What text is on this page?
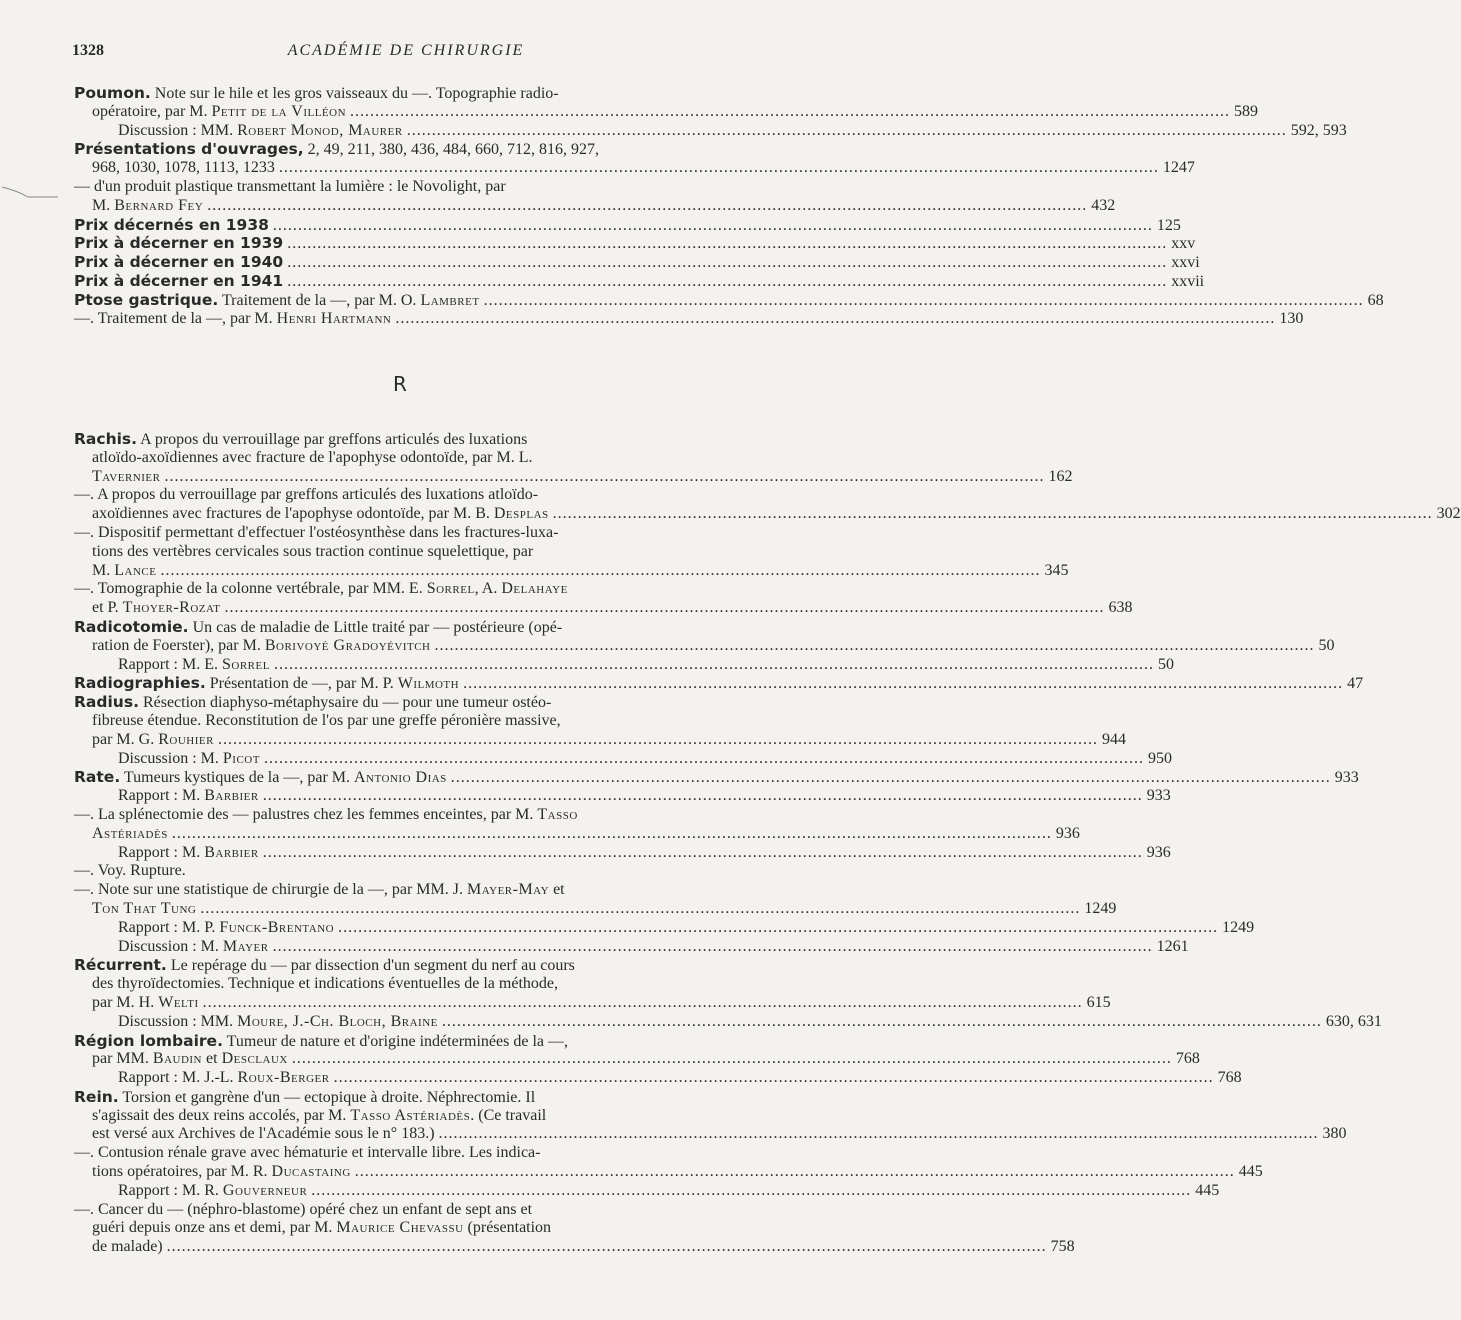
1328	ACADÉMIE DE CHIRURGIE
Poumon. Note sur le hile et les gros vaisseaux du —. Topographie radio-
opératoire, par M. Petit de la Villéon .....	589
Discussion : MM. Robert Monod, Maurer .....	592, 593
Présentations d'ouvrages, 2, 49, 211, 380, 436, 484, 660, 712, 816, 927,
968, 1030, 1078, 1113, 1233 .....	1247
— d'un produit plastique transmettant la lumière : le Novolight, par
M. Bernard Fey .....	432
Prix décernés en 1938 .....	125
Prix à décerner en 1939 .....	xxv
Prix à décerner en 1940 .....	xxvi
Prix à décerner en 1941 .....	xxvii
Ptose gastrique. Traitement de la —, par M. O. Lambret .....	68
—. Traitement de la —, par M. Henri Hartmann .....	130
R
Rachis. A propos du verrouillage par greffons articulés des luxations
atloïdo-axoïdiennes avec fracture de l'apophyse odontoïde, par M. L.
Tavernier .....	162
—. A propos du verrouillage par greffons articulés des luxations atloïdo-
axoïdiennes avec fractures de l'apophyse odontoïde, par M. B. Desplas .....	302
—. Dispositif permettant d'effectuer l'ostéosynthèse dans les fractures-luxa-
tions des vertèbres cervicales sous traction continue squelettique, par
M. Lance .....	345
—. Tomographie de la colonne vertébrale, par MM. E. Sorrel, A. Delahaye
et P. Thoyer-Rozat .....	638
Radicotomie. Un cas de maladie de Little traité par — postérieure (opé-
ration de Foerster), par M. Borivoyé Gradoyévitch .....	50
Rapport : M. E. Sorrel .....	50
Radiographies. Présentation de —, par M. P. Wilmoth .....	47
Radius. Résection diaphyso-métaphysaire du — pour une tumeur ostéo-
fibreuse étendue. Reconstitution de l'os par une greffe péronière massive,
par M. G. Rouhier .....	944
Discussion : M. Picot .....	950
Rate. Tumeurs kystiques de la —, par M. Antonio Dias .....	933
Rapport : M. Barbier .....	933
—. La splénectomie des — palustres chez les femmes enceintes, par M. Tasso
Astériadès .....	936
Rapport : M. Barbier .....	936
—. Voy. Rupture.
—. Note sur une statistique de chirurgie de la —, par MM. J. Mayer-May et
Ton That Tung .....	1249
Rapport : M. P. Funck-Brentano .....	1249
Discussion : M. Mayer .....	1261
Récurrent. Le repérage du — par dissection d'un segment du nerf au cours
des thyroïdectomies. Technique et indications éventuelles de la méthode,
par M. H. Welti .....	615
Discussion : MM. Moure, J.-Ch. Bloch, Braine .....	630, 631
Région lombaire. Tumeur de nature et d'origine indéterminées de la —,
par MM. Baudin et Desclaux .....	768
Rapport : M. J.-L. Roux-Berger .....	768
Rein. Torsion et gangrène d'un — ectopique à droite. Néphrectomie. Il
s'agissait des deux reins accolés, par M. Tasso Astériadès. (Ce travail
est versé aux Archives de l'Académie sous le n° 183.) .....	380
—. Contusion rénale grave avec hématurie et intervalle libre. Les indica-
tions opératoires, par M. R. Ducastaing .....	445
Rapport : M. R. Gouverneur .....	445
—. Cancer du — (néphro-blastome) opéré chez un enfant de sept ans et
guéri depuis onze ans et demi, par M. Maurice Chevassu (présentation
de malade) .....	758
